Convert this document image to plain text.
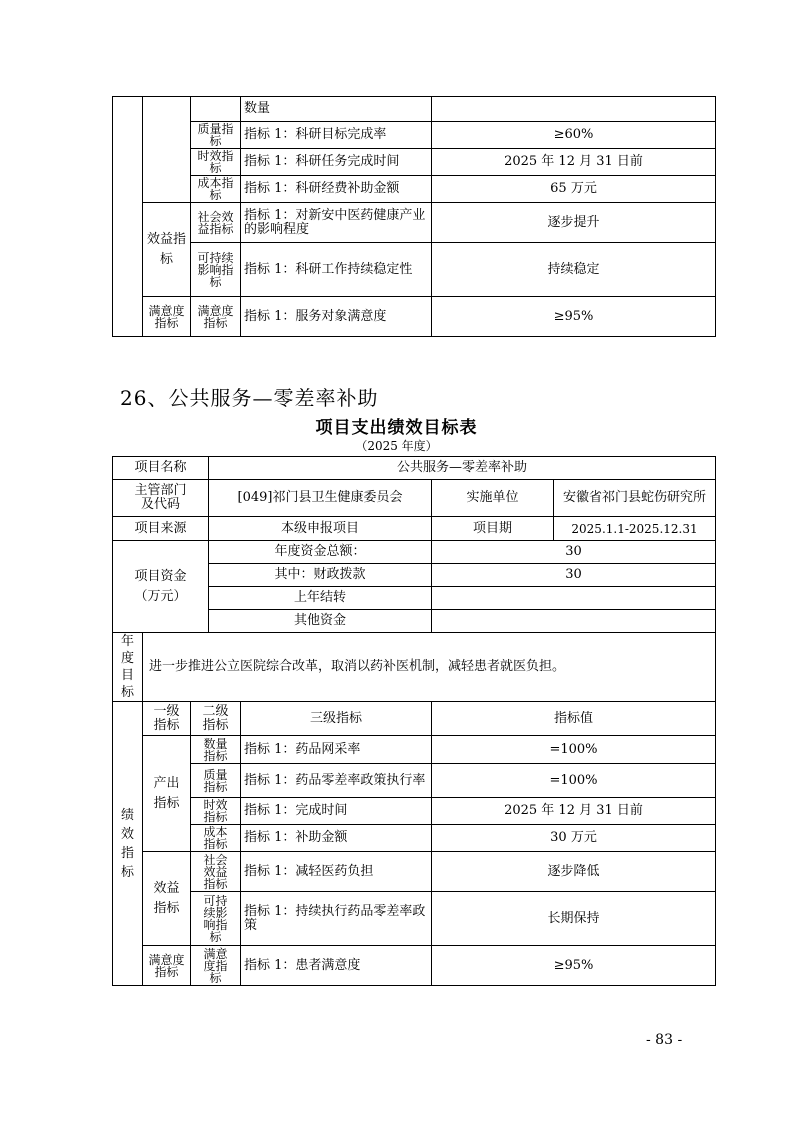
			数量	
		质量指标	指标 1：科研目标完成率	≥60%
		时效指标	指标 1：科研任务完成时间	2025 年 12 月 31 日前
		成本指标	指标 1：科研经费补助金额	65 万元
	效益指标	社会效益指标	指标 1：对新安中医药健康产业的影响程度	逐步提升
		可持续影响指标	指标 1：科研工作持续稳定性	持续稳定
	满意度指标	满意度指标	指标 1：服务对象满意度	≥95%
26、公共服务—零差率补助
项目支出绩效目标表
（2025 年度）
项目名称			公共服务—零差率补助			
主管部门及代码			[049]祁门县卫生健康委员会		实施单位	安徽省祁门县蛇伤研究所
项目来源			本级申报项目		项目期	2025.1.1-2025.12.31
项目资金（万元）			年度资金总额：		30	
			其中：财政拨款		30	
			上年结转			
			其他资金			
年度目标	进一步推进公立医院综合改革，取消以药补医机制，减轻患者就医负担。					
绩效指标	一级指标	二级指标		三级指标	指标值	
	产出指标	数量指标		指标 1：药品网采率	=100%	
		质量指标		指标 1：药品零差率政策执行率	=100%	
		时效指标		指标 1：完成时间	2025 年 12 月 31 日前	
		成本指标		指标 1：补助金额	30 万元	
	效益指标	社会效益指标		指标 1：减轻医药负担	逐步降低	
		可持续影响指标		指标 1：持续执行药品零差率政策	长期保持	
	满意度指标	满意度指标		指标 1：患者满意度	≥95%	
- 83 -
